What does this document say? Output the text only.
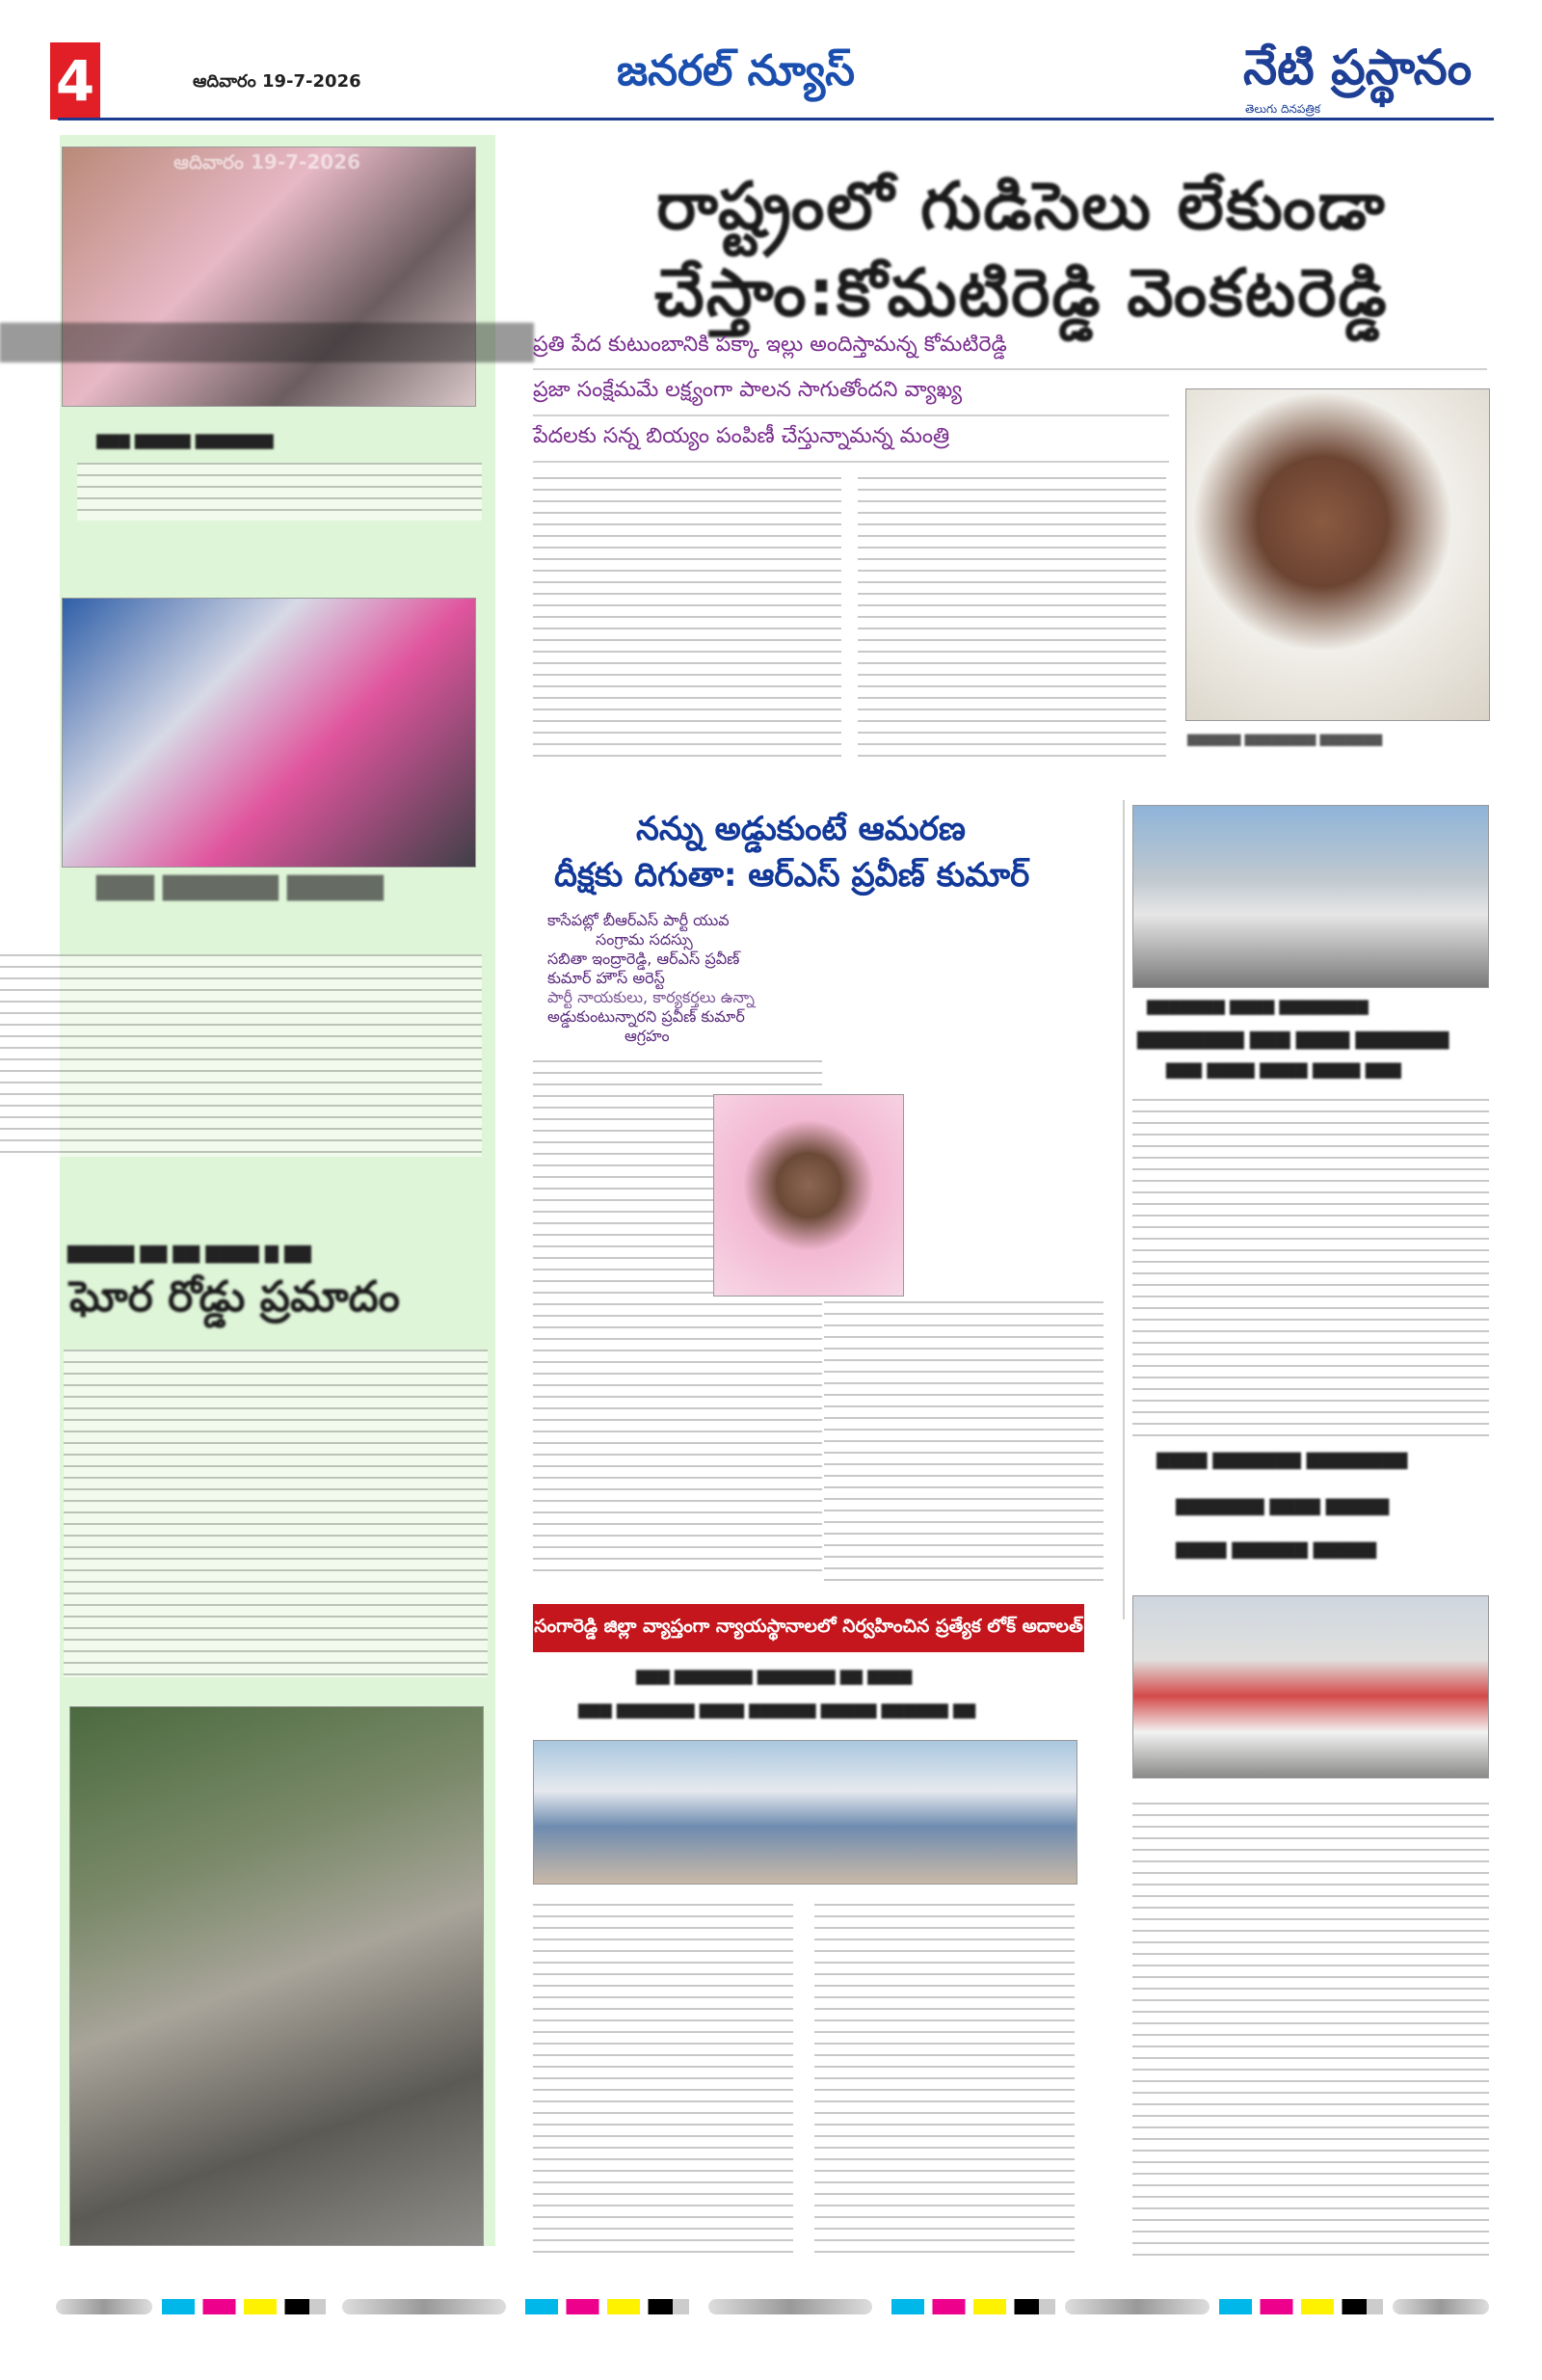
4	ఆదివారం 19-7-2026	జనరల్ న్యూస్	నేటి ప్రస్థానం
తెలుగు దినపత్రిక
ఆదివారం 19-7-2026
▇▇▇ ▇▇▇▇▇ ▇▇▇▇▇▇▇
▇▇▇▇▇▇▇▇▇▇▇▇▇▇▇▇▇▇
▇▇▇ ▇▇▇▇▇▇ ▇▇▇▇▇
▇▇▇▇▇ ▇▇ ▇▇ ▇▇▇▇ ▇ ▇▇
ఘోర రోడ్డు ప్రమాదం
రాష్ట్రంలో గుడిసెలు లేకుండా
చేస్తాం:కోమటిరెడ్డి వెంకటరెడ్డి
ప్రతి పేద కుటుంబానికి పక్కా ఇల్లు అందిస్తామన్న కోమటిరెడ్డి
ప్రజా సంక్షేమమే లక్ష్యంగా పాలన సాగుతోందని వ్యాఖ్య
పేదలకు సన్న బియ్యం పంపిణీ చేస్తున్నామన్న మంత్రి
▇▇▇▇▇▇ ▇▇▇▇▇▇▇▇ ▇▇▇▇▇▇▇
నన్ను అడ్డుకుంటే ఆమరణ
దీక్షకు దిగుతా: ఆర్ఎస్ ప్రవీణ్ కుమార్
కాసేపట్లో బీఆర్ఎస్ పార్టీ యువ
సంగ్రామ సదస్సు
సబితా ఇంద్రారెడ్డి, ఆర్ఎస్ ప్రవీణ్
కుమార్ హౌస్ అరెస్ట్
పార్టీ నాయకులు, కార్యకర్తలు ఉన్నా
అడ్డుకుంటున్నారని ప్రవీణ్ కుమార్
ఆగ్రహం
▇▇▇▇▇▇▇ ▇▇▇▇ ▇▇▇▇▇▇▇▇
▇▇▇▇▇▇▇▇ ▇▇▇ ▇▇▇▇ ▇▇▇▇▇▇▇
▇▇▇ ▇▇▇▇ ▇▇▇▇ ▇▇▇▇ ▇▇▇
▇▇▇▇ ▇▇▇▇▇▇▇ ▇▇▇▇▇▇▇▇
▇▇▇▇▇▇▇ ▇▇▇▇ ▇▇▇▇▇
▇▇▇▇ ▇▇▇▇▇▇ ▇▇▇▇▇
సంగారెడ్డి జిల్లా వ్యాప్తంగా న్యాయస్థానాలలో నిర్వహించిన ప్రత్యేక లోక్ అదాలత్
▇▇▇ ▇▇▇▇▇▇▇ ▇▇▇▇▇▇▇ ▇▇ ▇▇▇▇
▇▇▇ ▇▇▇▇▇▇▇ ▇▇▇▇ ▇▇▇▇▇▇ ▇▇▇▇▇ ▇▇▇▇▇▇ ▇▇
